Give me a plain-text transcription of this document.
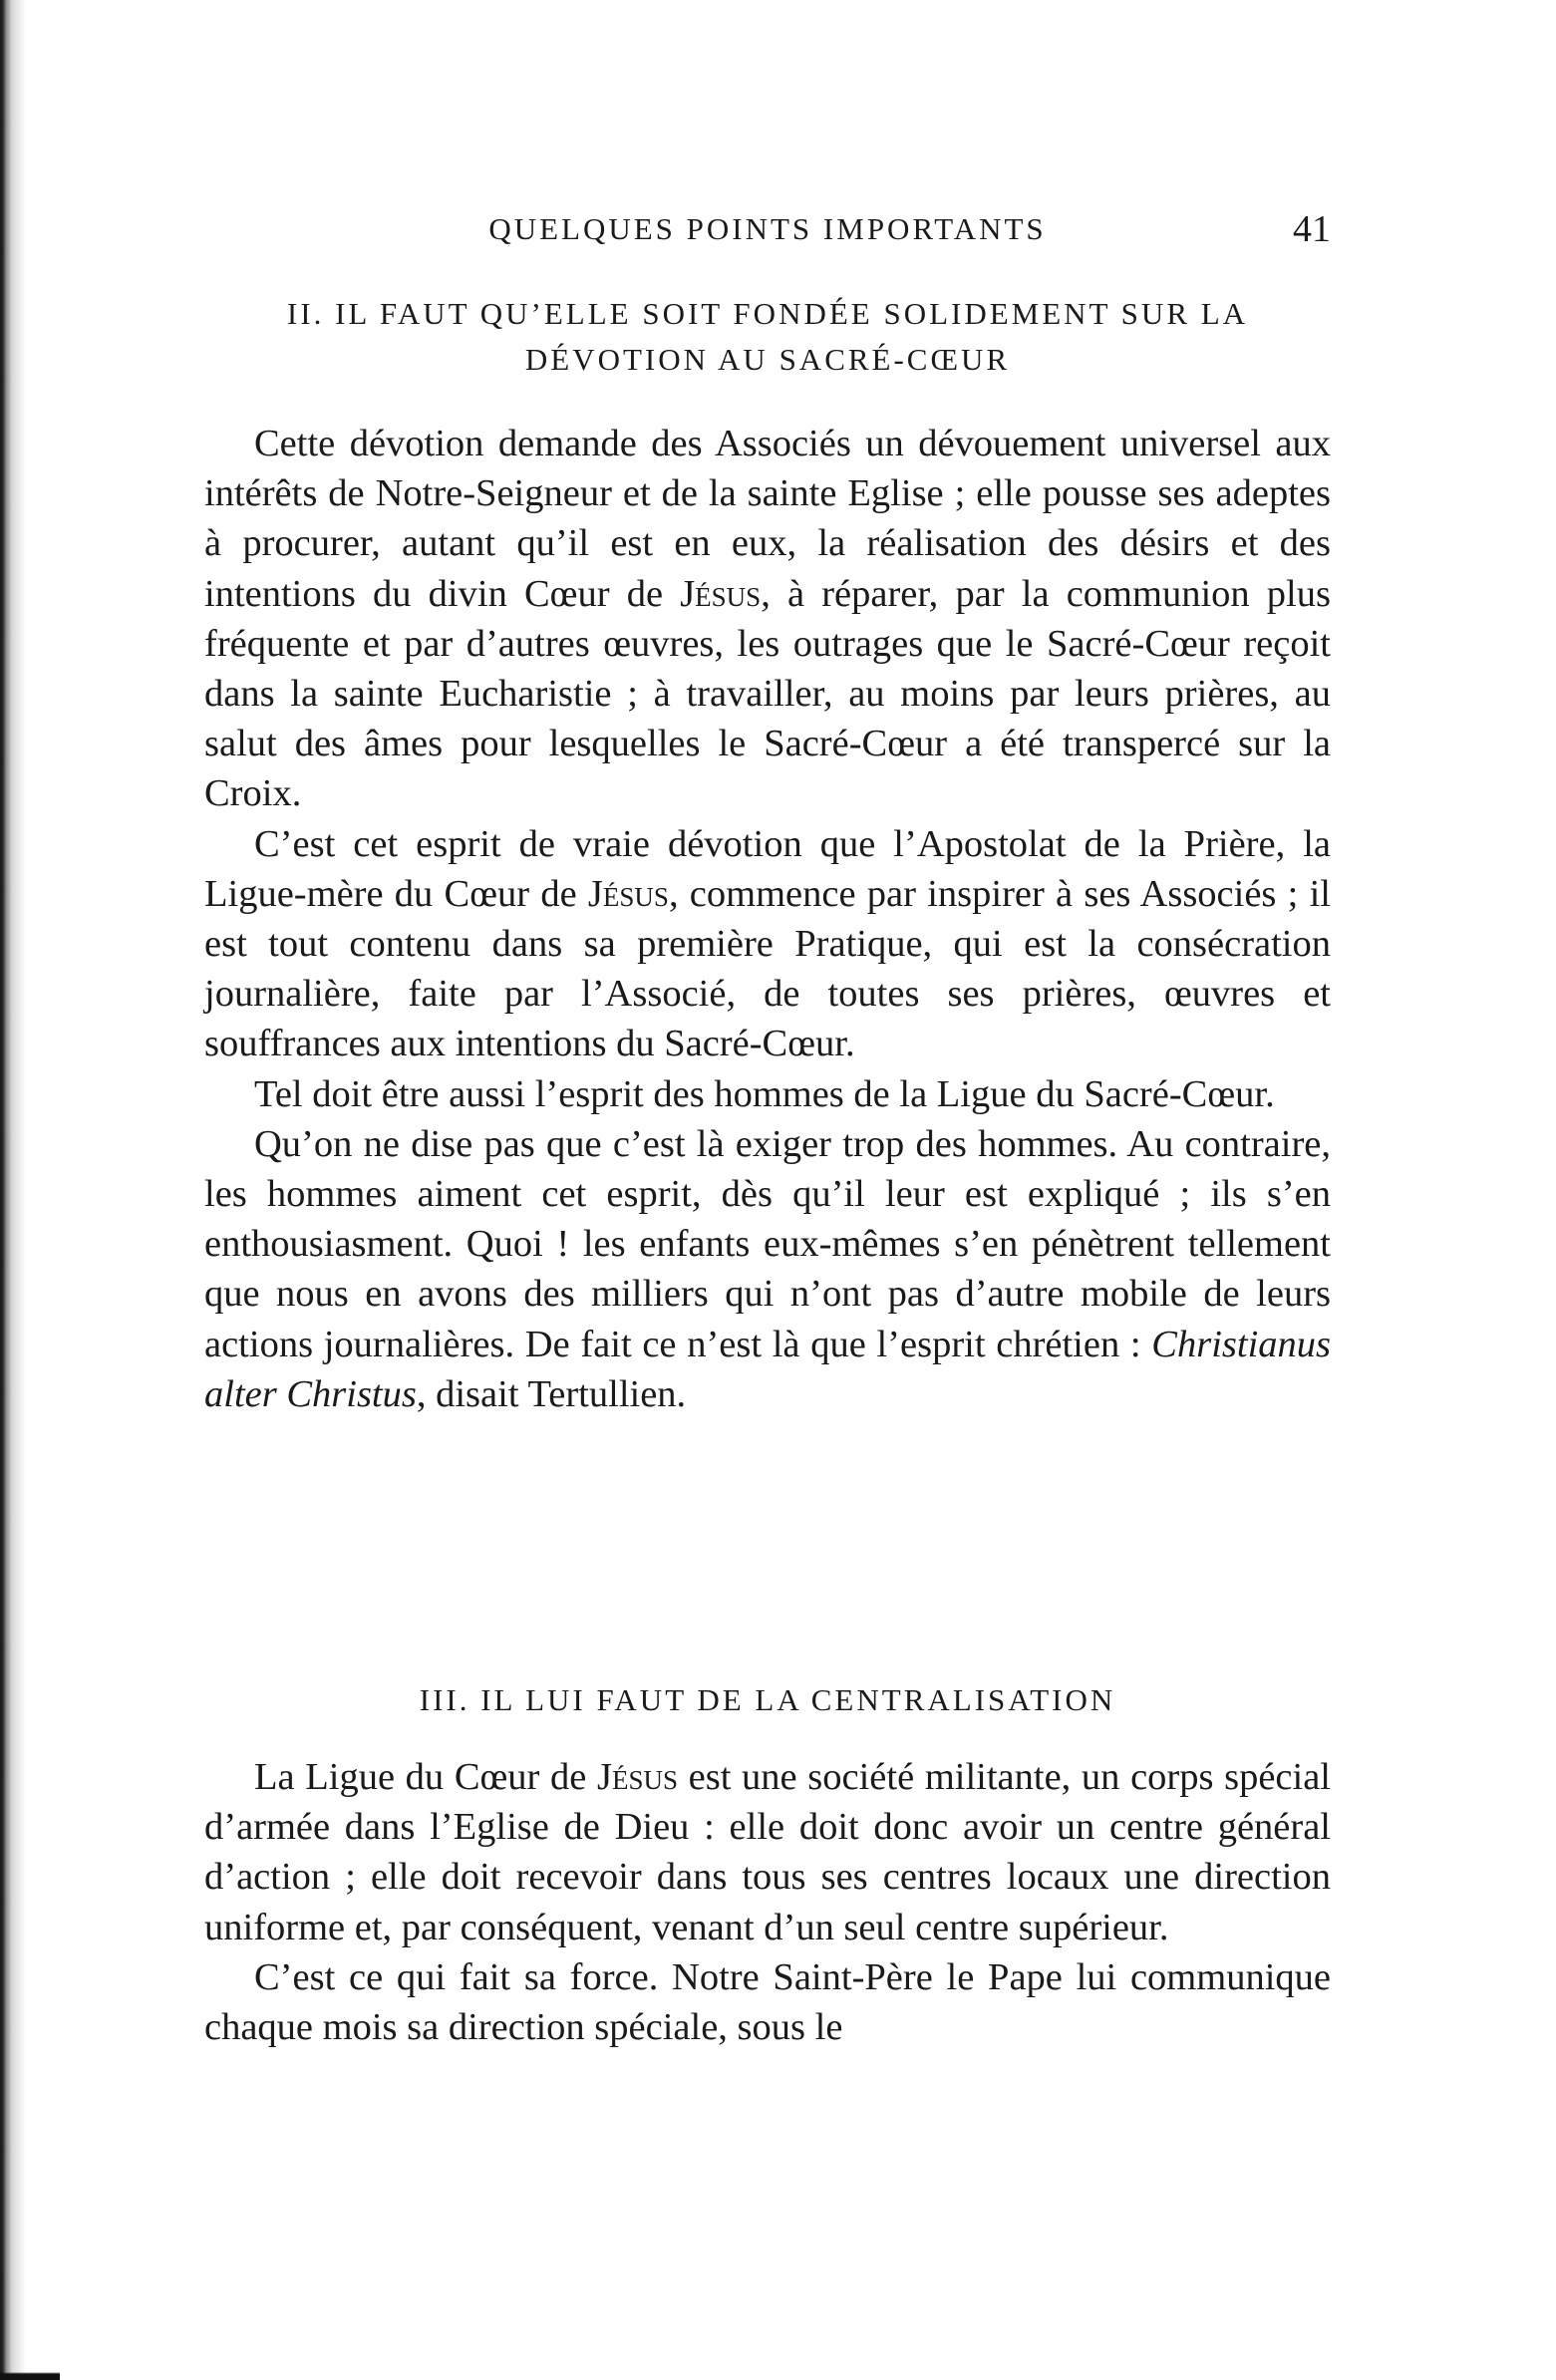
QUELQUES POINTS IMPORTANTS	41
II. IL FAUT QU’ELLE SOIT FONDÉE SOLIDEMENT SUR LA
DÉVOTION AU SACRÉ-CŒUR

Cette dévotion demande des Associés un dévouement universel aux intérêts de Notre-Seigneur et de la sainte Eglise ; elle pousse ses adeptes à procurer, autant qu’il est en eux, la réalisation des désirs et des intentions du divin Cœur de Jésus, à réparer, par la communion plus fréquente et par d’autres œuvres, les outrages que le Sacré-Cœur reçoit dans la sainte Eucharistie ; à travailler, au moins par leurs prières, au salut des âmes pour lesquelles le Sacré-Cœur a été transpercé sur la Croix.

C’est cet esprit de vraie dévotion que l’Apostolat de la Prière, la Ligue-mère du Cœur de Jésus, commence par inspirer à ses Associés ; il est tout contenu dans sa première Pratique, qui est la consécration journalière, faite par l’Associé, de toutes ses prières, œuvres et souffrances aux intentions du Sacré-Cœur.

Tel doit être aussi l’esprit des hommes de la Ligue du Sacré-Cœur.

Qu’on ne dise pas que c’est là exiger trop des hommes. Au contraire, les hommes aiment cet esprit, dès qu’il leur est expliqué ; ils s’en enthousiasment. Quoi ! les enfants eux-mêmes s’en pénètrent tellement que nous en avons des milliers qui n’ont pas d’autre mobile de leurs actions journalières. De fait ce n’est là que l’esprit chrétien : Christianus alter Christus, disait Tertullien.

III. IL LUI FAUT DE LA CENTRALISATION

La Ligue du Cœur de Jésus est une société militante, un corps spécial d’armée dans l’Eglise de Dieu : elle doit donc avoir un centre général d’action ; elle doit recevoir dans tous ses centres locaux une direction uniforme et, par conséquent, venant d’un seul centre supérieur.

C’est ce qui fait sa force. Notre Saint-Père le Pape lui communique chaque mois sa direction spéciale, sous le
